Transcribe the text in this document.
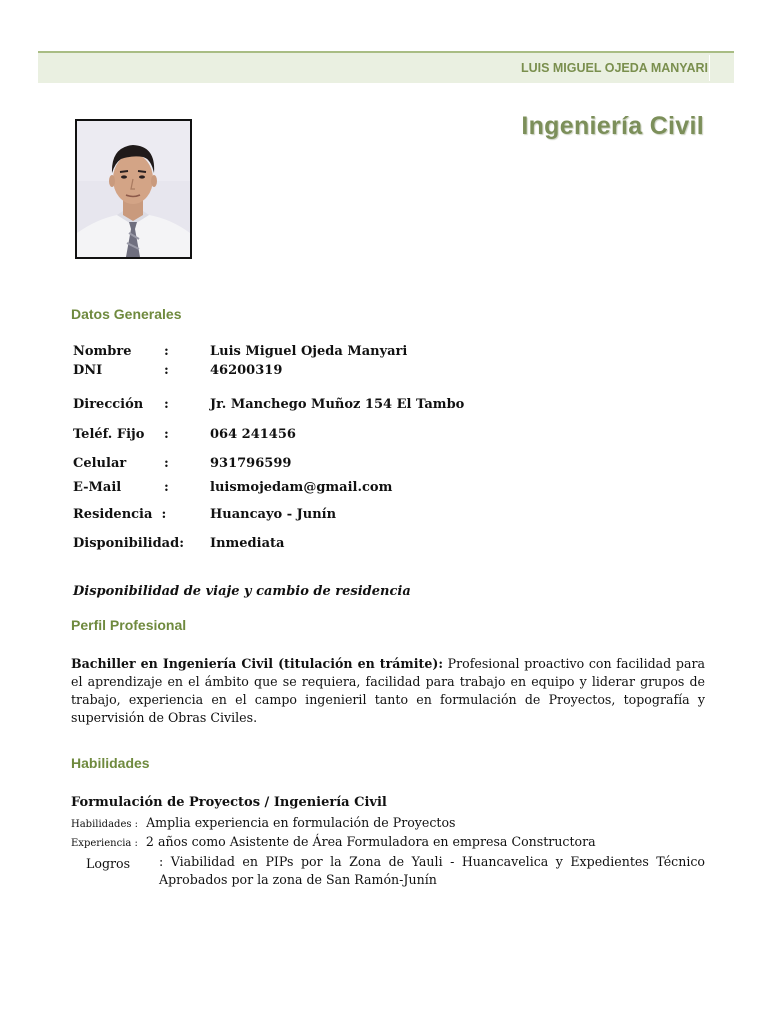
LUIS MIGUEL OJEDA MANYARI
Ingeniería Civil
Datos Generales
Nombre :	Luis Miguel Ojeda Manyari
DNI	:	46200319
Dirección :	Jr. Manchego Muñoz 154 El Tambo
Teléf. Fijo :	064 241456
Celular	:	931796599
E-Mail	:	luismojedam@gmail.com
Residencia  :	Huancayo - Junín
Disponibilidad: Inmediata
Disponibilidad de viaje y cambio de residencia
Perfil Profesional
Bachiller en Ingeniería Civil (titulación en trámite): Profesional proactivo con facilidad para el aprendizaje en el ámbito que se requiera, facilidad para trabajo en equipo y liderar grupos de trabajo, experiencia en el campo ingenieril tanto en formulación de Proyectos, topografía y supervisión de Obras Civiles.
Habilidades
Formulación de Proyectos / Ingeniería Civil
Habilidades : Amplia experiencia en formulación de Proyectos
Experiencia : 2 años como Asistente de Área Formuladora en empresa Constructora
Logros : Viabilidad en PIPs por la Zona de Yauli - Huancavelica y Expedientes Técnico Aprobados por la zona de San Ramón-Junín
